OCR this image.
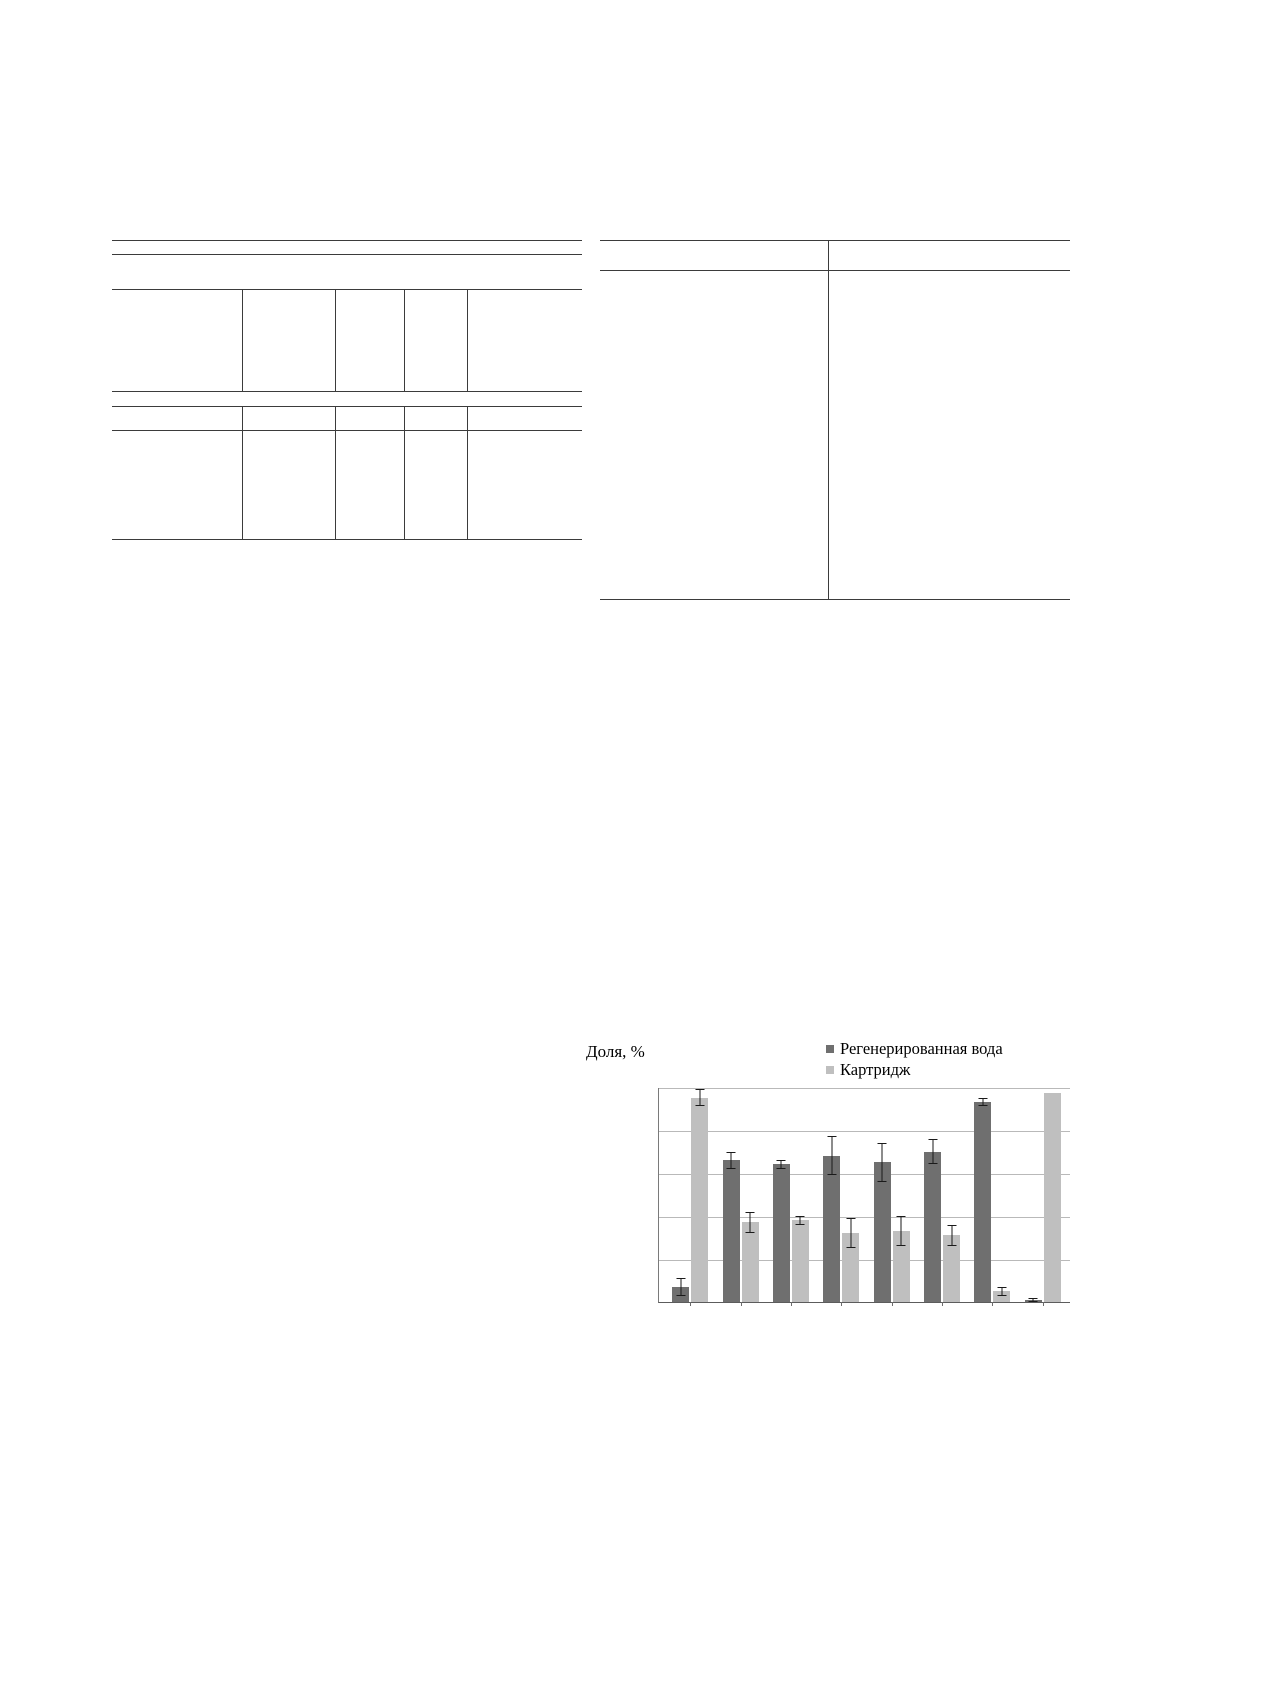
Доля, %	Регенерированная вода
Картридж
